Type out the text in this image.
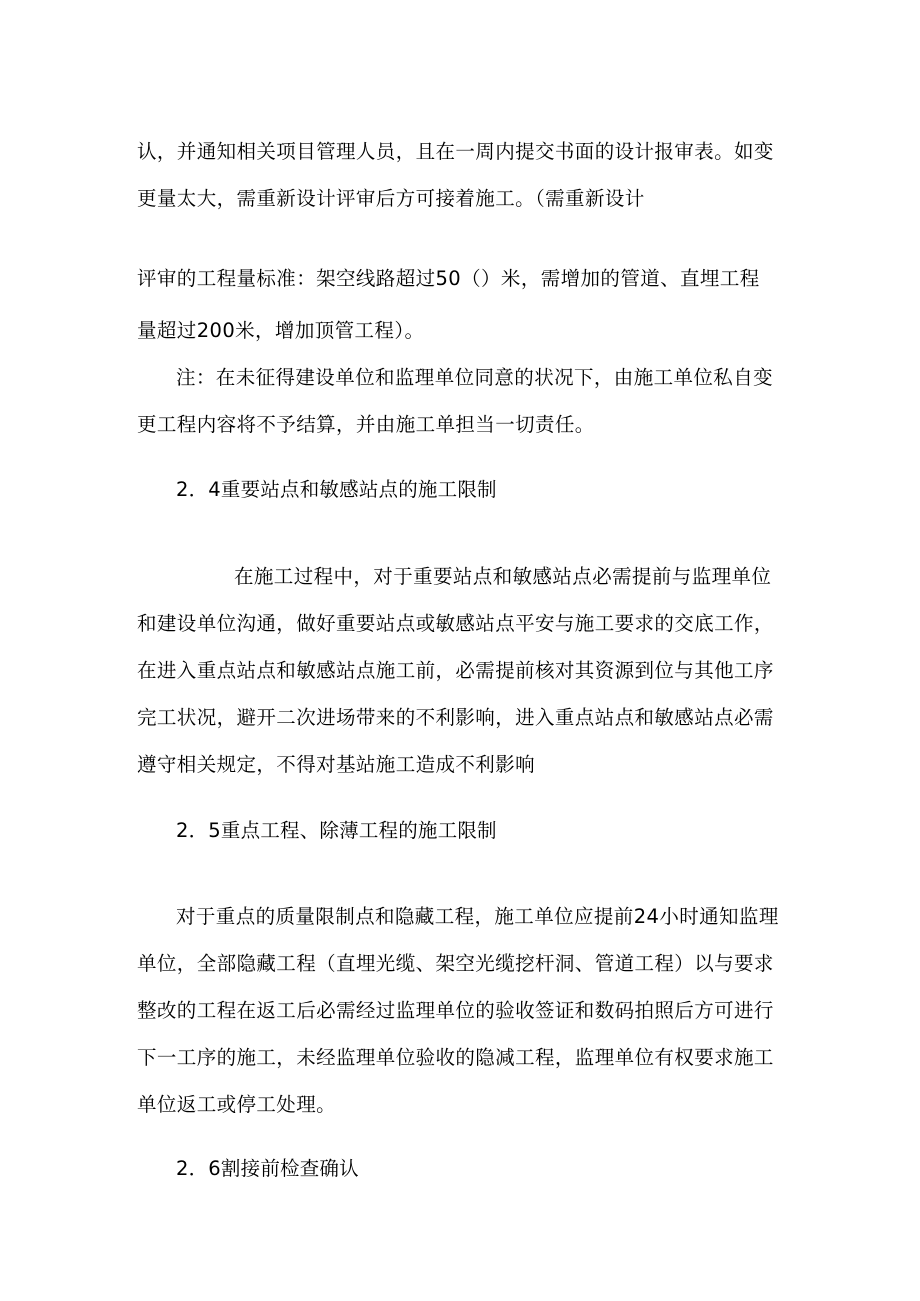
认，并通知相关项目管理人员，且在一周内提交书面的设计报审表。如变
更量太大，需重新设计评审后方可接着施工。（需重新设计
评审的工程量标准：架空线路超过50（）米，需增加的管道、直埋工程
量超过200米，增加顶管工程）。
注：在未征得建设单位和监理单位同意的状况下，由施工单位私自变
更工程内容将不予结算，并由施工单担当一切责任。
2．4重要站点和敏感站点的施工限制
在施工过程中，对于重要站点和敏感站点必需提前与监理单位
和建设单位沟通，做好重要站点或敏感站点平安与施工要求的交底工作，
在进入重点站点和敏感站点施工前，必需提前核对其资源到位与其他工序
完工状况，避开二次进场带来的不利影响，进入重点站点和敏感站点必需
遵守相关规定，不得对基站施工造成不利影响
2．5重点工程、除薄工程的施工限制
对于重点的质量限制点和隐藏工程，施工单位应提前24小时通知监理
单位，全部隐藏工程（直埋光缆、架空光缆挖杆洞、管道工程）以与要求
整改的工程在返工后必需经过监理单位的验收签证和数码拍照后方可进行
下一工序的施工，未经监理单位验收的隐减工程，监理单位有权要求施工
单位返工或停工处理。
2．6割接前检查确认
